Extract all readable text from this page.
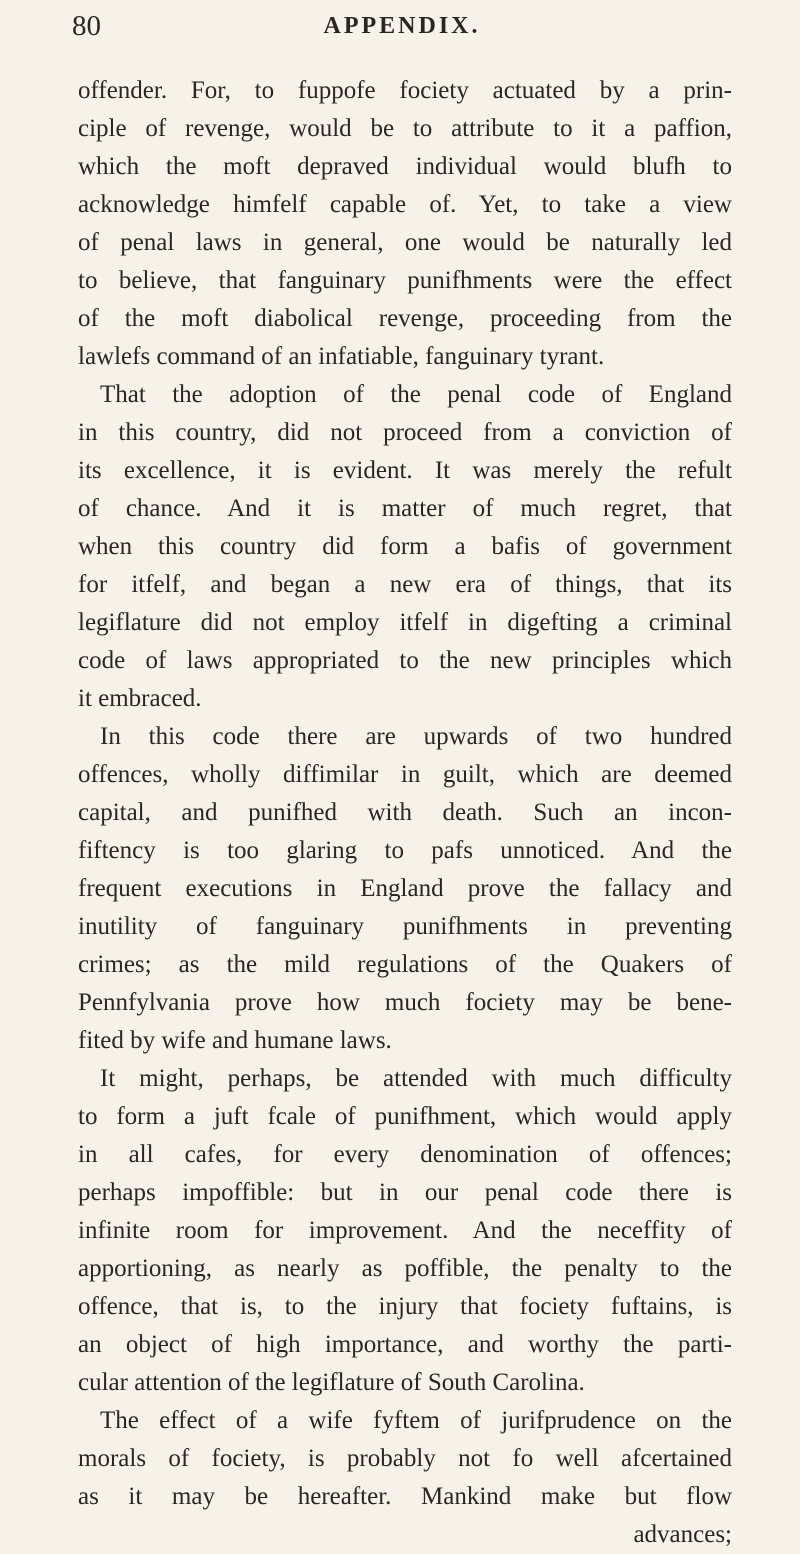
80	APPENDIX.
offender. For, to fuppofe fociety actuated by a prin-
ciple of revenge, would be to attribute to it a paffion,
which the moft depraved individual would blufh to
acknowledge himfelf capable of. Yet, to take a view
of penal laws in general, one would be naturally led
to believe, that fanguinary punifhments were the effect
of the moft diabolical revenge, proceeding from the
lawlefs command of an infatiable, fanguinary tyrant.
That the adoption of the penal code of England
in this country, did not proceed from a conviction of
its excellence, it is evident. It was merely the refult
of chance. And it is matter of much regret, that
when this country did form a bafis of government
for itfelf, and began a new era of things, that its
legiflature did not employ itfelf in digefting a criminal
code of laws appropriated to the new principles which
it embraced.
In this code there are upwards of two hundred
offences, wholly diffimilar in guilt, which are deemed
capital, and punifhed with death. Such an incon-
fiftency is too glaring to pafs unnoticed. And the
frequent executions in England prove the fallacy and
inutility of fanguinary punifhments in preventing
crimes; as the mild regulations of the Quakers of
Pennfylvania prove how much fociety may be bene-
fited by wife and humane laws.
It might, perhaps, be attended with much difficulty
to form a juft fcale of punifhment, which would apply
in all cafes, for every denomination of offences;
perhaps impoffible: but in our penal code there is
infinite room for improvement. And the neceffity of
apportioning, as nearly as poffible, the penalty to the
offence, that is, to the injury that fociety fuftains, is
an object of high importance, and worthy the parti-
cular attention of the legiflature of South Carolina.
The effect of a wife fyftem of jurifprudence on the
morals of fociety, is probably not fo well afcertained
as it may be hereafter. Mankind make but flow
advances;
